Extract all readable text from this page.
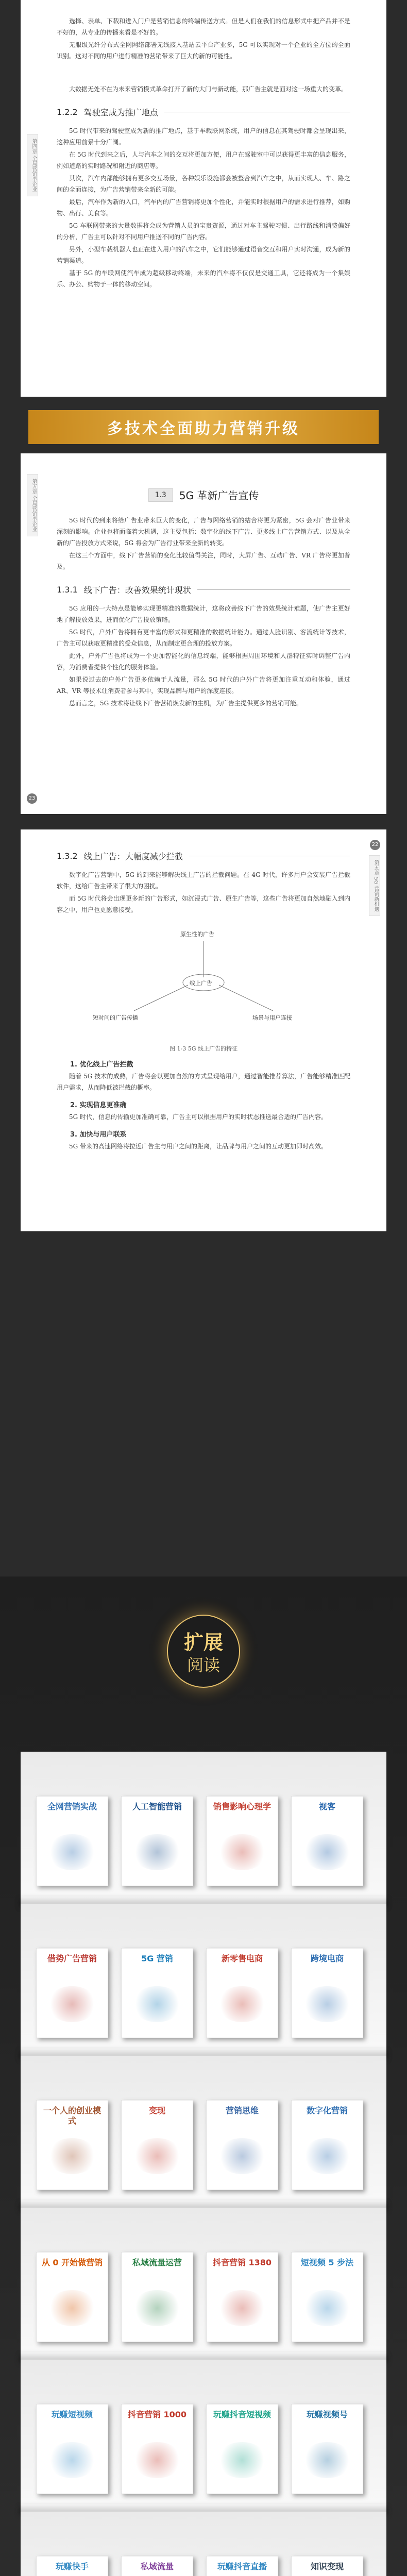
第四章 全局营销型企业

选择、表单、下载和进入门户是营销信息的终端传送方式。但是人们在我们的信息形式中把产品并不是不好的，从专业的传播来看是不好的。

无服级光纤分布式全网网络部署无线接入基站云平台产业多，5G 可以实现对一个企业的全方位的全面识别。这对不同的用户进行精准的营销带来了巨大的新的可能性。

大数据无处不在为未来营销模式革命打开了新的大门与新动能，那广告主就是面对这一场重大的变革。

1.2.2 驾驶室成为推广地点

5G 时代带来的驾驶室成为新的推广地点，基于车载联网系统，用户的信息在其驾驶时都会呈现出来，这种应用前景十分广阔。

在 5G 时代到来之后，人与汽车之间的交互将更加方便，用户在驾驶室中可以获得更丰富的信息服务，例如道路的实时路况和附近的商店等。

其次，汽车内部能够拥有更多交互场景，各种娱乐设施都会被整合到汽车之中，从而实现人、车、路之间的全面连接，为广告营销带来全新的可能。

最后，汽车作为新的入口，汽车内的广告营销将更加个性化，并能实时根据用户的需求进行推荐，如购物、出行、美食等。

5G 车联网带来的大量数据将会成为营销人员的宝贵资源，通过对车主驾驶习惯、出行路线和消费偏好的分析，广告主可以针对不同用户推送不同的广告内容。

另外，小型车载机器人也正在进入用户的汽车之中，它们能够通过语音交互和用户实时沟通，成为新的营销渠道。

基于 5G 的车联网使汽车成为超级移动终端，未来的汽车将不仅仅是交通工具，它还将成为一个集娱乐、办公、购物于一体的移动空间。

多技术全面助力营销升级
第五章 全局营销型企业	1.3	5G 革新广告宣传

5G 时代的到来将给广告业带来巨大的变化，广告与网络营销的结合将更为紧密，5G 会对广告业带来深刻的影响。企业也将面临着大机遇，这主要包括：数字化的线下广告、更多线上广告营销方式、以及从全新的广告投放方式来说，5G 将会为广告行业带来全新的转变。

在这三个方面中，线下广告营销的变化比较值得关注，同时，大屏广告、互动广告、VR 广告将更加普及。

1.3.1 线下广告：改善效果统计现状

5G 应用的一大特点是能够实现更精准的数据统计，这将改善线下广告的效果统计难题，使广告主更好地了解投放效果，进而优化广告投放策略。

5G 时代，户外广告将拥有更丰富的形式和更精准的数据统计能力。通过人脸识别、客流统计等技术，广告主可以获取更精准的受众信息，从而制定更合理的投放方案。

此外，户外广告也将成为一个更加智能化的信息终端，能够根据周围环境和人群特征实时调整广告内容，为消费者提供个性化的服务体验。

如果说过去的户外广告更多依赖于人流量，那么 5G 时代的户外广告将更加注重互动和体验，通过 AR、VR 等技术让消费者参与其中，实现品牌与用户的深度连接。

总而言之，5G 技术将让线下广告营销焕发新的生机，为广告主提供更多的营销可能。

23
第五章 5G 营销新机遇
1.3.2 线上广告：大幅度减少拦截

数字化广告营销中，5G 的到来能够解决线上广告的拦截问题。在 4G 时代，许多用户会安装广告拦截软件，这给广告主带来了很大的困扰。

而 5G 时代将会出现更多新的广告形式，如沉浸式广告、原生广告等，这些广告将更加自然地融入到内容之中，用户也更愿意接受。

原生性的广告
线上广告
短时间的广告传播	场景与用户连接
图 1-3 5G 线上广告的特征
1. 优化线上广告拦截

随着 5G 技术的成熟，广告将会以更加自然的方式呈现给用户，通过智能推荐算法，广告能够精准匹配用户需求，从而降低被拦截的概率。

2. 实现信息更准确

5G 时代，信息的传输更加准确可靠，广告主可以根据用户的实时状态推送最合适的广告内容。

3. 加快与用户联系

5G 带来的高速网络将拉近广告主与用户之间的距离，让品牌与用户之间的互动更加即时高效。

22
扩展
阅读
全网营销实战	人工智能营销	销售影响心理学	视客
借势广告营销	5G 营销	新零售电商	跨境电商
一个人的创业模式
变现	营销思维	数字化营销
从 0 开始做营销	私域流量运营	抖音营销 1380	短视频 5 步法
玩赚短视频	抖音营销 1000	玩赚抖音短视频	玩赚视频号
玩赚快手	私域流量	玩赚抖音直播	知识变现
